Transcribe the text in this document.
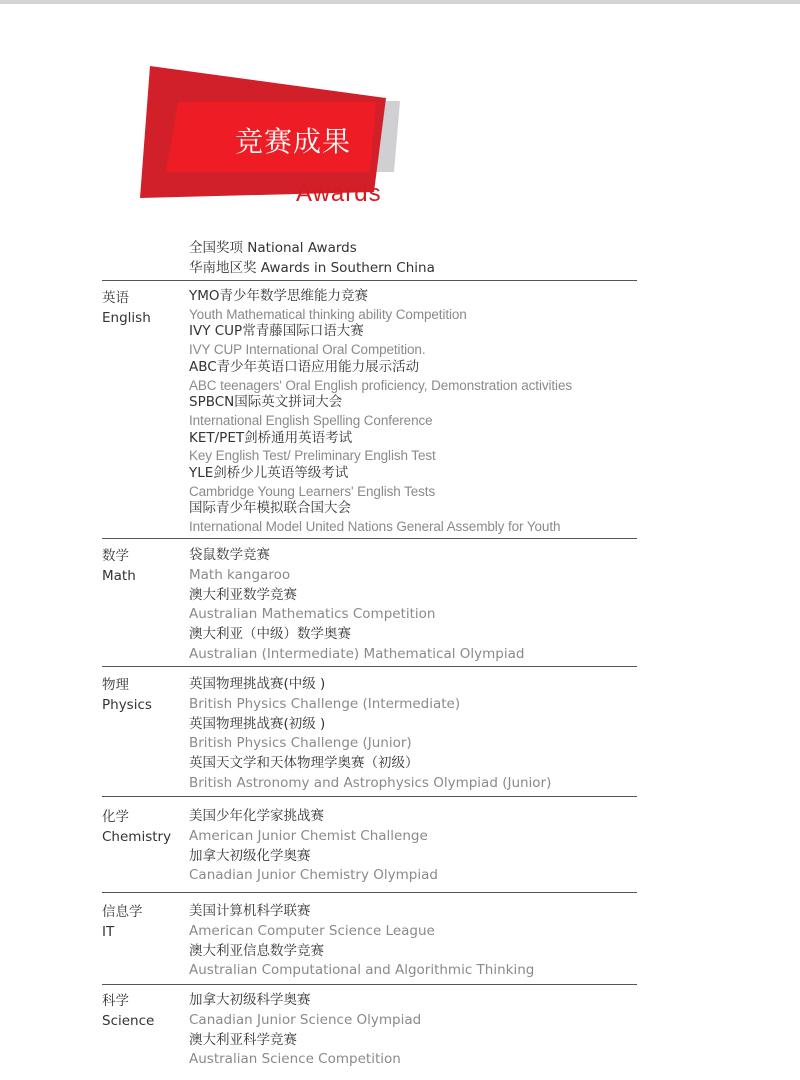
竞赛成果
Awards
全国奖项 National Awards
华南地区奖 Awards in Southern China
英语
English
YMO青少年数学思维能力竞赛
Youth Mathematical thinking ability Competition
IVY CUP常青藤国际口语大赛
IVY CUP International Oral Competition.
ABC青少年英语口语应用能力展示活动
ABC teenagers' Oral English proficiency, Demonstration activities
SPBCN国际英文拼词大会
International English Spelling Conference
KET/PET剑桥通用英语考试
Key English Test/ Preliminary English Test
YLE剑桥少儿英语等级考试
Cambridge Young Learners' English Tests
国际青少年模拟联合国大会
International Model United Nations General Assembly for Youth
数学
Math
袋鼠数学竞赛
Math kangaroo
澳大利亚数学竞赛
Australian Mathematics Competition
澳大利亚（中级）数学奥赛
Australian (Intermediate) Mathematical Olympiad
物理
Physics
英国物理挑战赛(中级 )
British Physics Challenge (Intermediate)
英国物理挑战赛(初级 )
British Physics Challenge (Junior)
英国天文学和天体物理学奥赛（初级）
British Astronomy and Astrophysics Olympiad (Junior)
化学
Chemistry
美国少年化学家挑战赛
American Junior Chemist Challenge
加拿大初级化学奥赛
Canadian Junior Chemistry Olympiad
信息学
IT
美国计算机科学联赛
American Computer Science League
澳大利亚信息数学竞赛
Australian Computational and Algorithmic Thinking
科学
Science
加拿大初级科学奥赛
Canadian Junior Science Olympiad
澳大利亚科学竞赛
Australian Science Competition
